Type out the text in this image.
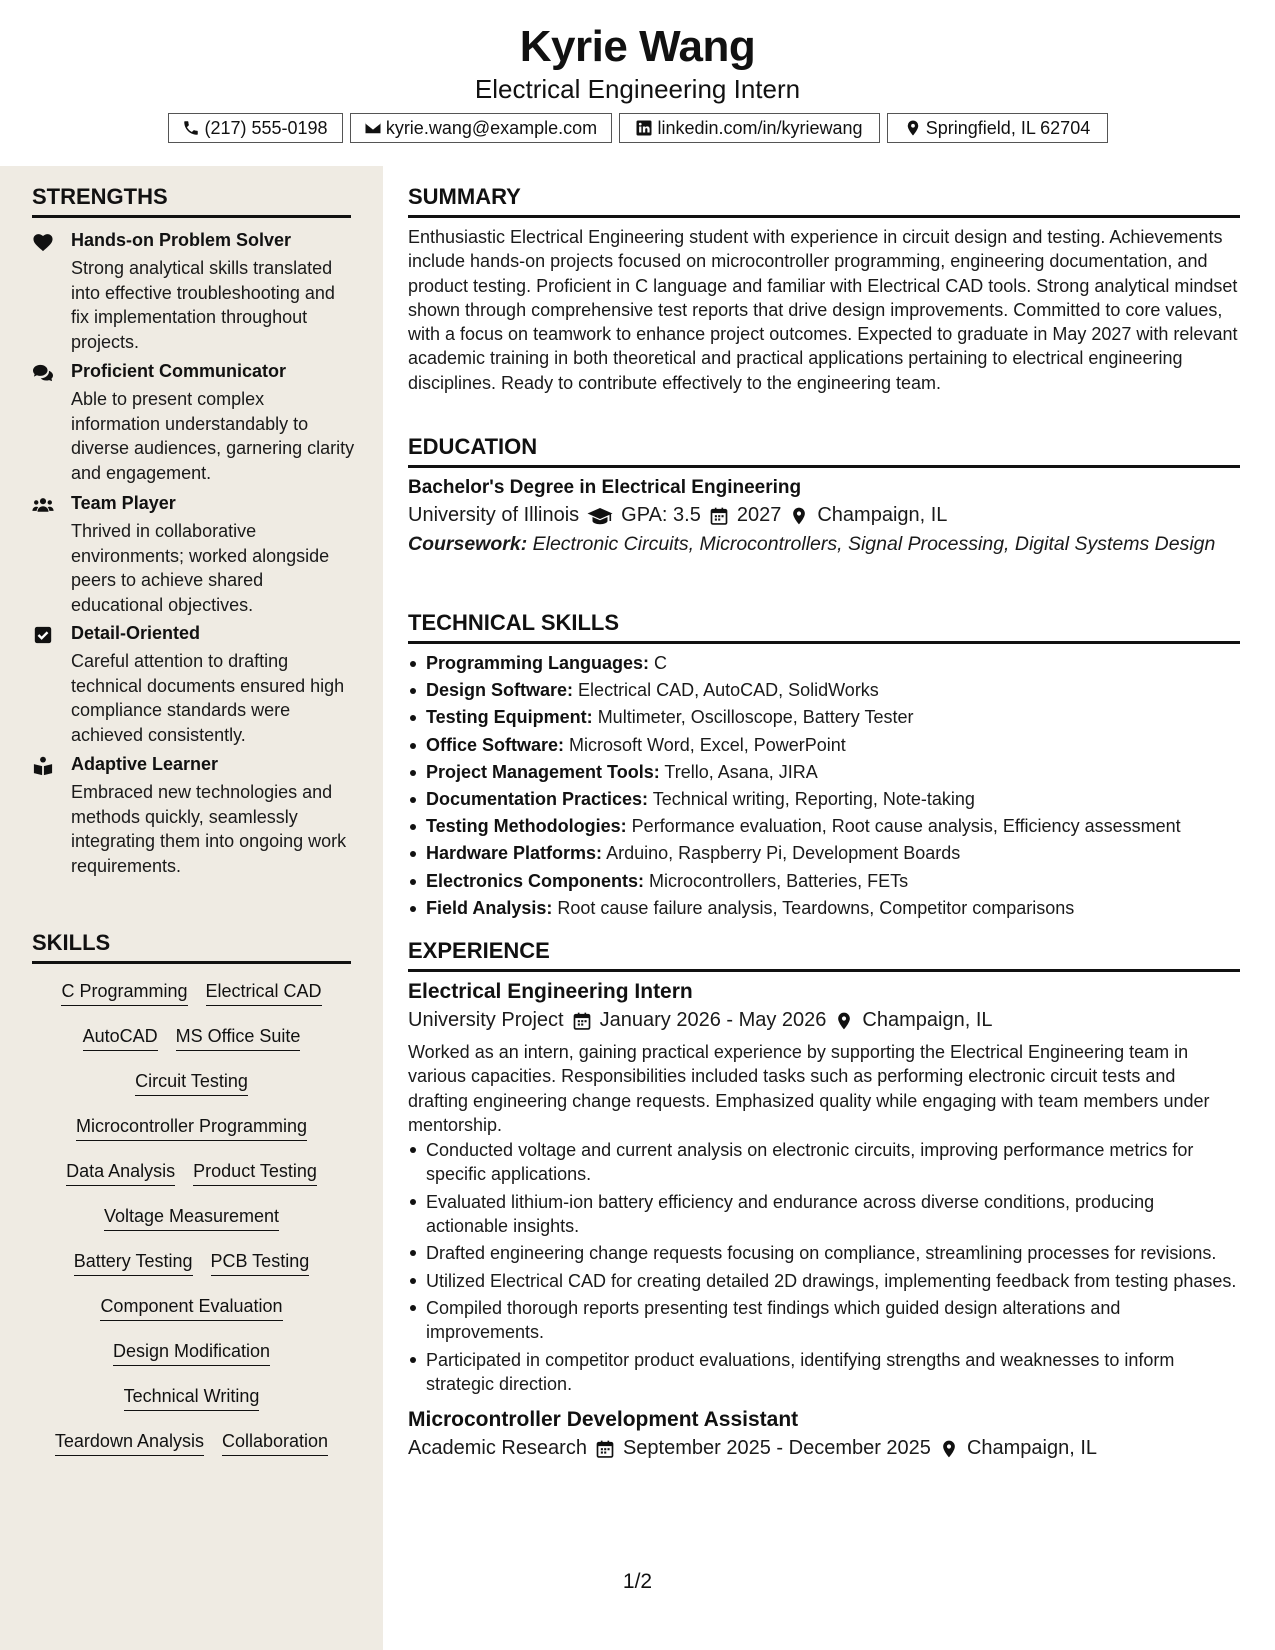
Kyrie Wang
Electrical Engineering Intern
(217) 555-0198	kyrie.wang@example.com	linkedin.com/in/kyriewang	Springfield, IL 62704
STRENGTHS
Hands-on Problem Solver
Strong analytical skills translated into effective troubleshooting and fix implementation throughout projects.
Proficient Communicator
Able to present complex information understandably to diverse audiences, garnering clarity and engagement.
Team Player
Thrived in collaborative environments; worked alongside peers to achieve shared educational objectives.
Detail-Oriented
Careful attention to drafting technical documents ensured high compliance standards were achieved consistently.
Adaptive Learner
Embraced new technologies and methods quickly, seamlessly integrating them into ongoing work requirements.
SKILLS
C Programming Electrical CAD
AutoCAD MS Office Suite
Circuit Testing
Microcontroller Programming
Data Analysis Product Testing
Voltage Measurement
Battery Testing PCB Testing
Component Evaluation
Design Modification
Technical Writing
Teardown Analysis Collaboration
SUMMARY

Enthusiastic Electrical Engineering student with experience in circuit design and testing. Achievements include hands-on projects focused on microcontroller programming, engineering documentation, and product testing. Proficient in C language and familiar with Electrical CAD tools. Strong analytical mindset shown through comprehensive test reports that drive design improvements. Committed to core values, with a focus on teamwork to enhance project outcomes. Expected to graduate in May 2027 with relevant academic training in both theoretical and practical applications pertaining to electrical engineering disciplines. Ready to contribute effectively to the engineering team.

EDUCATION
Bachelor's Degree in Electrical Engineering
University of Illinois GPA: 3.5 2027 Champaign, IL
Coursework: Electronic Circuits, Microcontrollers, Signal Processing, Digital Systems Design
TECHNICAL SKILLS
Programming Languages: C
Design Software: Electrical CAD, AutoCAD, SolidWorks
Testing Equipment: Multimeter, Oscilloscope, Battery Tester
Office Software: Microsoft Word, Excel, PowerPoint
Project Management Tools: Trello, Asana, JIRA
Documentation Practices: Technical writing, Reporting, Note-taking
Testing Methodologies: Performance evaluation, Root cause analysis, Efficiency assessment
Hardware Platforms: Arduino, Raspberry Pi, Development Boards
Electronics Components: Microcontrollers, Batteries, FETs
Field Analysis: Root cause failure analysis, Teardowns, Competitor comparisons
EXPERIENCE
Electrical Engineering Intern
University Project January 2026 - May 2026 Champaign, IL

Worked as an intern, gaining practical experience by supporting the Electrical Engineering team in various capacities. Responsibilities included tasks such as performing electronic circuit tests and drafting engineering change requests. Emphasized quality while engaging with team members under mentorship.

Conducted voltage and current analysis on electronic circuits, improving performance metrics for specific applications.
Evaluated lithium-ion battery efficiency and endurance across diverse conditions, producing actionable insights.
Drafted engineering change requests focusing on compliance, streamlining processes for revisions.
Utilized Electrical CAD for creating detailed 2D drawings, implementing feedback from testing phases.
Compiled thorough reports presenting test findings which guided design alterations and improvements.
Participated in competitor product evaluations, identifying strengths and weaknesses to inform strategic direction.
Microcontroller Development Assistant
Academic Research September 2025 - December 2025 Champaign, IL
1/2
